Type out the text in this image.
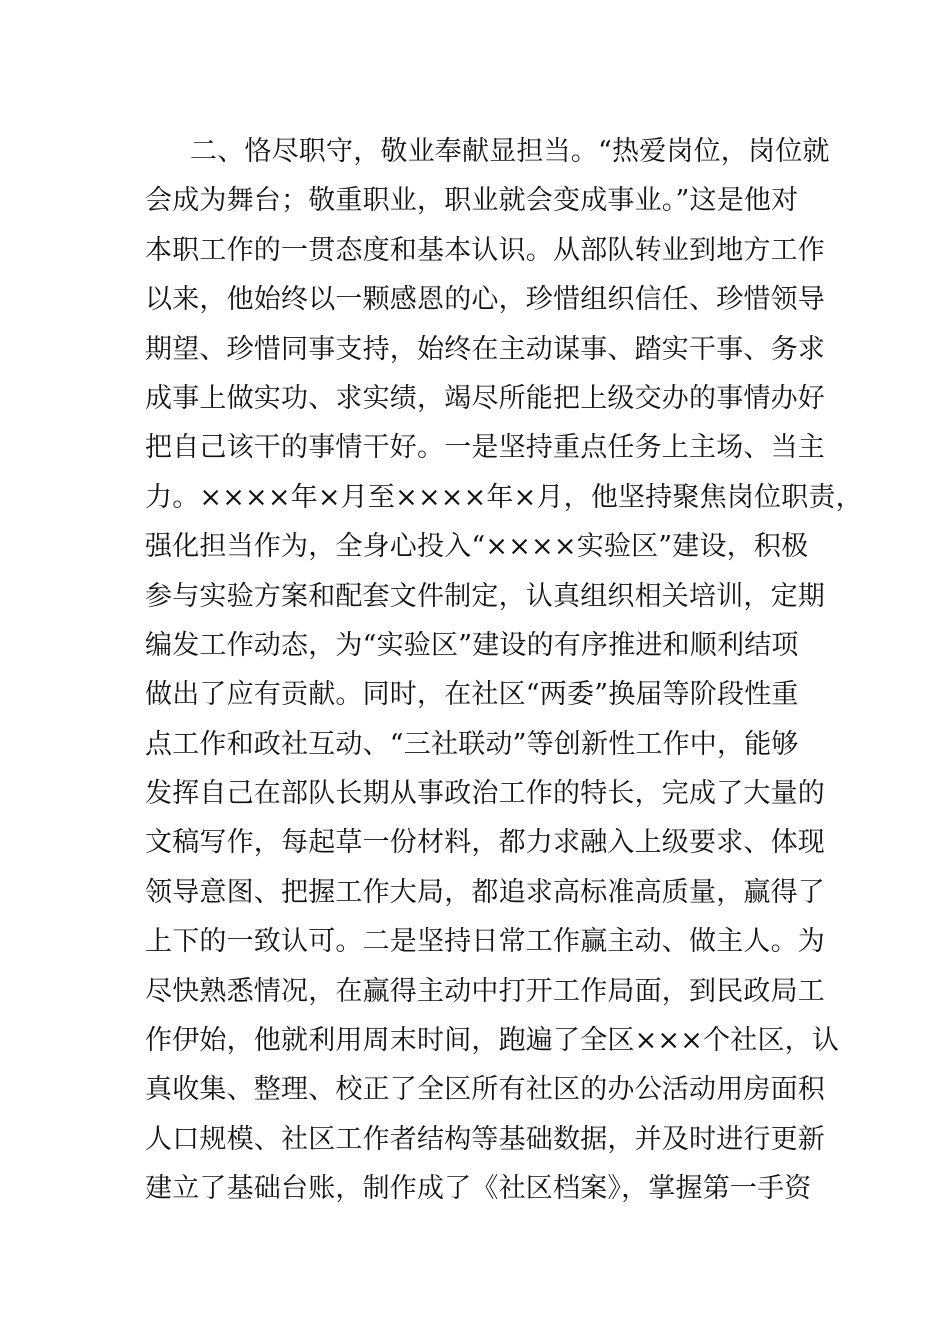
二、恪尽职守，敬业奉献显担当。“热爱岗位，岗位就
会成为舞台；敬重职业，职业就会变成事业。”这是他对
本职工作的一贯态度和基本认识。从部队转业到地方工作
以来，他始终以一颗感恩的心，珍惜组织信任、珍惜领导
期望、珍惜同事支持，始终在主动谋事、踏实干事、务求
成事上做实功、求实绩，竭尽所能把上级交办的事情办好
把自己该干的事情干好。一是坚持重点任务上主场、当主
力。××××年×月至××××年×月，他坚持聚焦岗位职责，
强化担当作为，全身心投入“××××实验区”建设，积极
参与实验方案和配套文件制定，认真组织相关培训，定期
编发工作动态，为“实验区”建设的有序推进和顺利结项
做出了应有贡献。同时，在社区“两委”换届等阶段性重
点工作和政社互动、“三社联动”等创新性工作中，能够
发挥自己在部队长期从事政治工作的特长，完成了大量的
文稿写作，每起草一份材料，都力求融入上级要求、体现
领导意图、把握工作大局，都追求高标准高质量，赢得了
上下的一致认可。二是坚持日常工作赢主动、做主人。为
尽快熟悉情况，在赢得主动中打开工作局面，到民政局工
作伊始，他就利用周末时间，跑遍了全区×××个社区，认
真收集、整理、校正了全区所有社区的办公活动用房面积
人口规模、社区工作者结构等基础数据，并及时进行更新
建立了基础台账，制作成了《社区档案》，掌握第一手资
